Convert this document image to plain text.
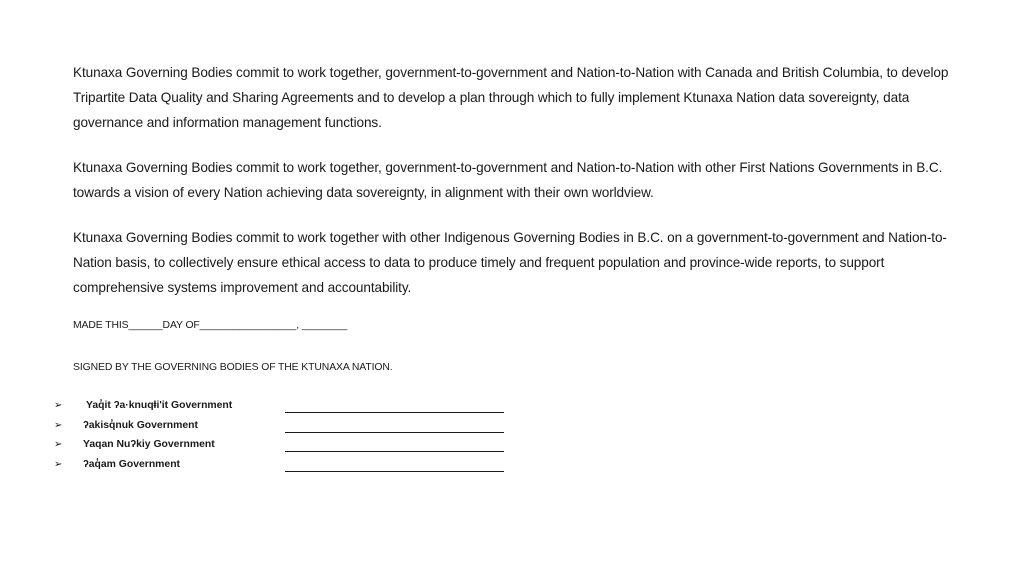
Ktunaxa Governing Bodies commit to work together, government-to-government and Nation-to-Nation with Canada and British Columbia, to develop Tripartite Data Quality and Sharing Agreements and to develop a plan through which to fully implement Ktunaxa Nation data sovereignty, data governance and information management functions.
Ktunaxa Governing Bodies commit to work together, government-to-government and Nation-to-Nation with other First Nations Governments in B.C. towards a vision of every Nation achieving data sovereignty, in alignment with their own worldview.
Ktunaxa Governing Bodies commit to work together with other Indigenous Governing Bodies in B.C. on a government-to-government and Nation-to-Nation basis, to collectively ensure ethical access to data to produce timely and frequent population and province-wide reports, to support comprehensive systems improvement and accountability.
MADE THIS______DAY OF_________________, ________
SIGNED BY THE GOVERNING BODIES OF THE KTUNAXA NATION.
➢ Yaq̓it ʔa·knuqⱡi'it Government
➢ ʔakisq̓nuk Government
➢ Yaqan Nuʔkiy Government
➢ ʔaq̓am Government
